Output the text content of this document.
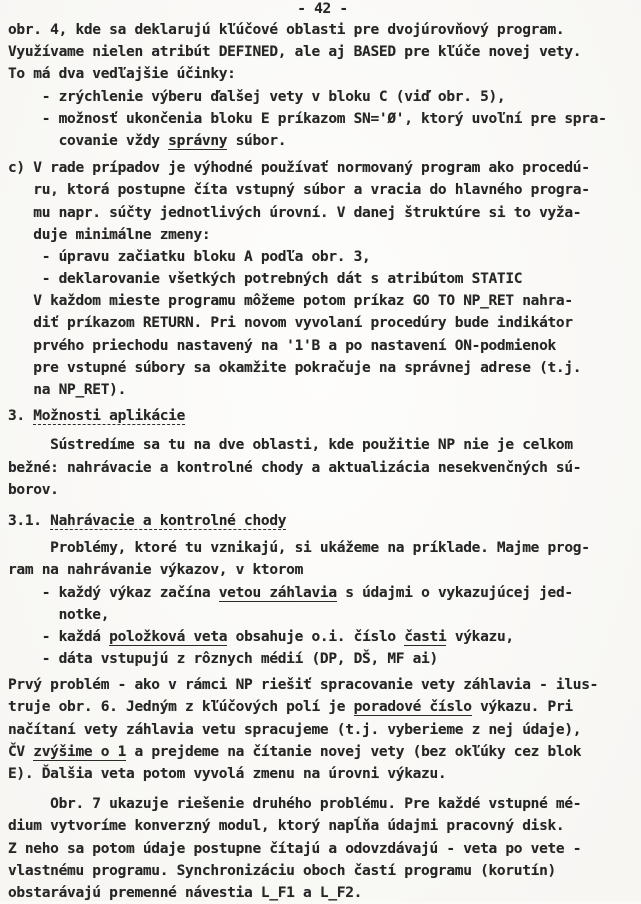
- 42 -
obr. 4, kde sa deklarujú kľúčové oblasti pre dvojúrovňový program.
Využívame nielen atribút DEFINED, ale aj BASED pre kľúče novej vety.
To má dva vedľajšie účinky:
- zrýchlenie výberu ďalšej vety v bloku C (viď obr. 5),
- možnosť ukončenia bloku E príkazom SN='Ø', ktorý uvoľní pre spra-
covanie vždy správny súbor.
c) V rade prípadov je výhodné používať normovaný program ako procedú-
ru, ktorá postupne číta vstupný súbor a vracia do hlavného progra-
mu napr. súčty jednotlivých úrovní. V danej štruktúre si to vyža-
duje minimálne zmeny:
- úpravu začiatku bloku A podľa obr. 3,
- deklarovanie všetkých potrebných dát s atribútom STATIC
V každom mieste programu môžeme potom príkaz GO TO NP_RET nahra-
diť príkazom RETURN. Pri novom vyvolaní procedúry bude indikátor
prvého priechodu nastavený na '1'B a po nastavení ON-podmienok
pre vstupné súbory sa okamžite pokračuje na správnej adrese (t.j.
na NP_RET).
3. Možnosti aplikácie
Sústredíme sa tu na dve oblasti, kde použitie NP nie je celkom
bežné: nahrávacie a kontrolné chody a aktualizácia nesekvenčných sú-
borov.
3.1. Nahrávacie a kontrolné chody
Problémy, ktoré tu vznikajú, si ukážeme na príklade. Majme prog-
ram na nahrávanie výkazov, v ktorom
- každý výkaz začína vetou záhlavia s údajmi o vykazujúcej jed-
notke,
- každá položková veta obsahuje o.i. číslo časti výkazu,
- dáta vstupujú z rôznych médií (DP, DŠ, MF ai)
Prvý problém - ako v rámci NP riešiť spracovanie vety záhlavia - ilus-
truje obr. 6. Jedným z kľúčových polí je poradové číslo výkazu. Pri
načítaní vety záhlavia vetu spracujeme (t.j. vyberieme z nej údaje),
ČV zvýšime o 1 a prejdeme na čítanie novej vety (bez okľúky cez blok
E). Ďalšia veta potom vyvolá zmenu na úrovni výkazu.
Obr. 7 ukazuje riešenie druhého problému. Pre každé vstupné mé-
dium vytvoríme konverzný modul, ktorý napĺňa údajmi pracovný disk.
Z neho sa potom údaje postupne čítajú a odovzdávajú - veta po vete -
vlastnému programu. Synchronizáciu oboch častí programu (korutín)
obstarávajú premenné návestia L_F1 a L_F2.
